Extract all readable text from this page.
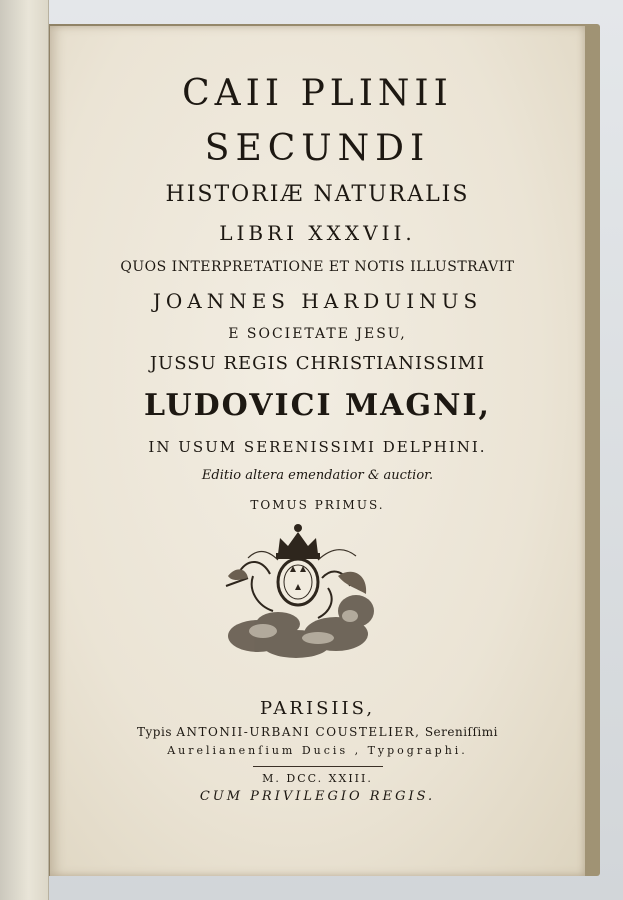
CAII PLINII

SECUNDI

HISTORIÆ NATURALIS

LIBRI XXXVII.

QUOS INTERPRETATIONE ET NOTIS ILLUSTRAVIT

JOANNES HARDUINUS

E SOCIETATE JESU,

JUSSU REGIS CHRISTIANISSIMI

LUDOVICI MAGNI,

IN USUM SERENISSIMI DELPHINI.

Editio altera emendatior & auctior.

TOMUS PRIMUS.

PARISIIS,

Typis ANTONII-URBANI COUSTELIER, Sereniſſimi

Aurelianenſium Ducis , Typographi.

M. DCC. XXIII.

CUM PRIVILEGIO REGIS.
